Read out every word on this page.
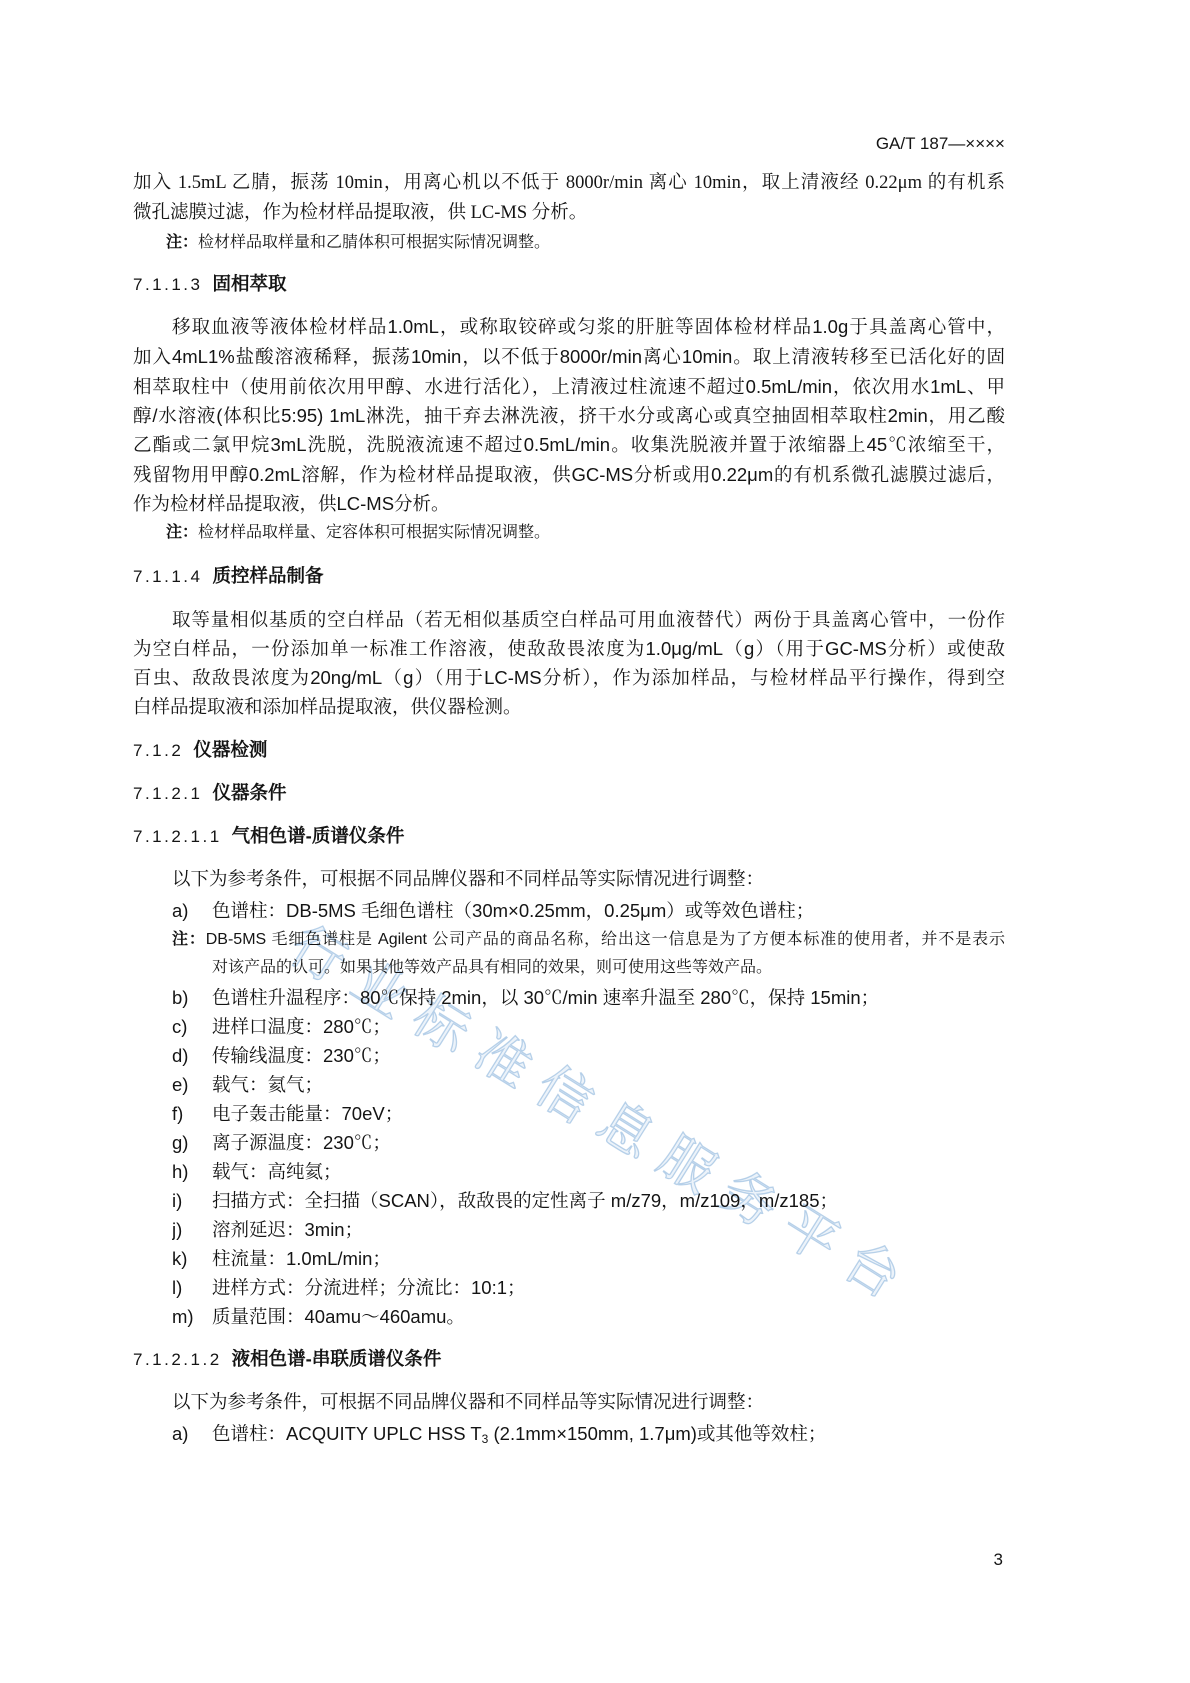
行
业
标
准
信
息
服
务
平
台
GA/T 187—××××
加入 1.5mL 乙腈，振荡 10min，用离心机以不低于 8000r/min 离心 10min，取上清液经 0.22μm 的有机系
微孔滤膜过滤，作为检材样品提取液，供 LC-MS 分析。
注：检材样品取样量和乙腈体积可根据实际情况调整。
7.1.1.3 固相萃取
移取血液等液体检材样品1.0mL，或称取铰碎或匀浆的肝脏等固体检材样品1.0g于具盖离心管中，
加入4mL1%盐酸溶液稀释，振荡10min，以不低于8000r/min离心10min。取上清液转移至已活化好的固
相萃取柱中（使用前依次用甲醇、水进行活化），上清液过柱流速不超过0.5mL/min，依次用水1mL、甲
醇/水溶液(体积比5:95) 1mL淋洗，抽干弃去淋洗液，挤干水分或离心或真空抽固相萃取柱2min，用乙酸
乙酯或二氯甲烷3mL洗脱，洗脱液流速不超过0.5mL/min。收集洗脱液并置于浓缩器上45℃浓缩至干，
残留物用甲醇0.2mL溶解，作为检材样品提取液，供GC-MS分析或用0.22μm的有机系微孔滤膜过滤后，
作为检材样品提取液，供LC-MS分析。
注：检材样品取样量、定容体积可根据实际情况调整。
7.1.1.4 质控样品制备
取等量相似基质的空白样品（若无相似基质空白样品可用血液替代）两份于具盖离心管中，一份作
为空白样品，一份添加单一标准工作溶液，使敌敌畏浓度为1.0μg/mL（g）（用于GC-MS分析）或使敌
百虫、敌敌畏浓度为20ng/mL（g）（用于LC-MS分析），作为添加样品，与检材样品平行操作，得到空
白样品提取液和添加样品提取液，供仪器检测。
7.1.2 仪器检测
7.1.2.1 仪器条件
7.1.2.1.1 气相色谱-质谱仪条件
以下为参考条件，可根据不同品牌仪器和不同样品等实际情况进行调整：
a) 色谱柱：DB-5MS 毛细色谱柱（30m×0.25mm，0.25μm）或等效色谱柱；
注：DB-5MS 毛细色谱柱是 Agilent 公司产品的商品名称，给出这一信息是为了方便本标准的使用者，并不是表示
对该产品的认可。如果其他等效产品具有相同的效果，则可使用这些等效产品。
b) 色谱柱升温程序：80℃保持 2min，以 30℃/min 速率升温至 280℃，保持 15min；
c) 进样口温度：280℃；
d) 传输线温度：230℃；
e) 载气：氦气；
f) 电子轰击能量：70eV；
g) 离子源温度：230℃；
h) 载气：高纯氦；
i) 扫描方式：全扫描（SCAN），敌敌畏的定性离子 m/z79，m/z109，m/z185；
j) 溶剂延迟：3min；
k) 柱流量：1.0mL/min；
l) 进样方式：分流进样；分流比：10:1；
m) 质量范围：40amu～460amu。
7.1.2.1.2 液相色谱-串联质谱仪条件
以下为参考条件，可根据不同品牌仪器和不同样品等实际情况进行调整：
a) 色谱柱：ACQUITY UPLC HSS $T_3$ (2.1mm×150mm, 1.7μm)或其他等效柱；
3
